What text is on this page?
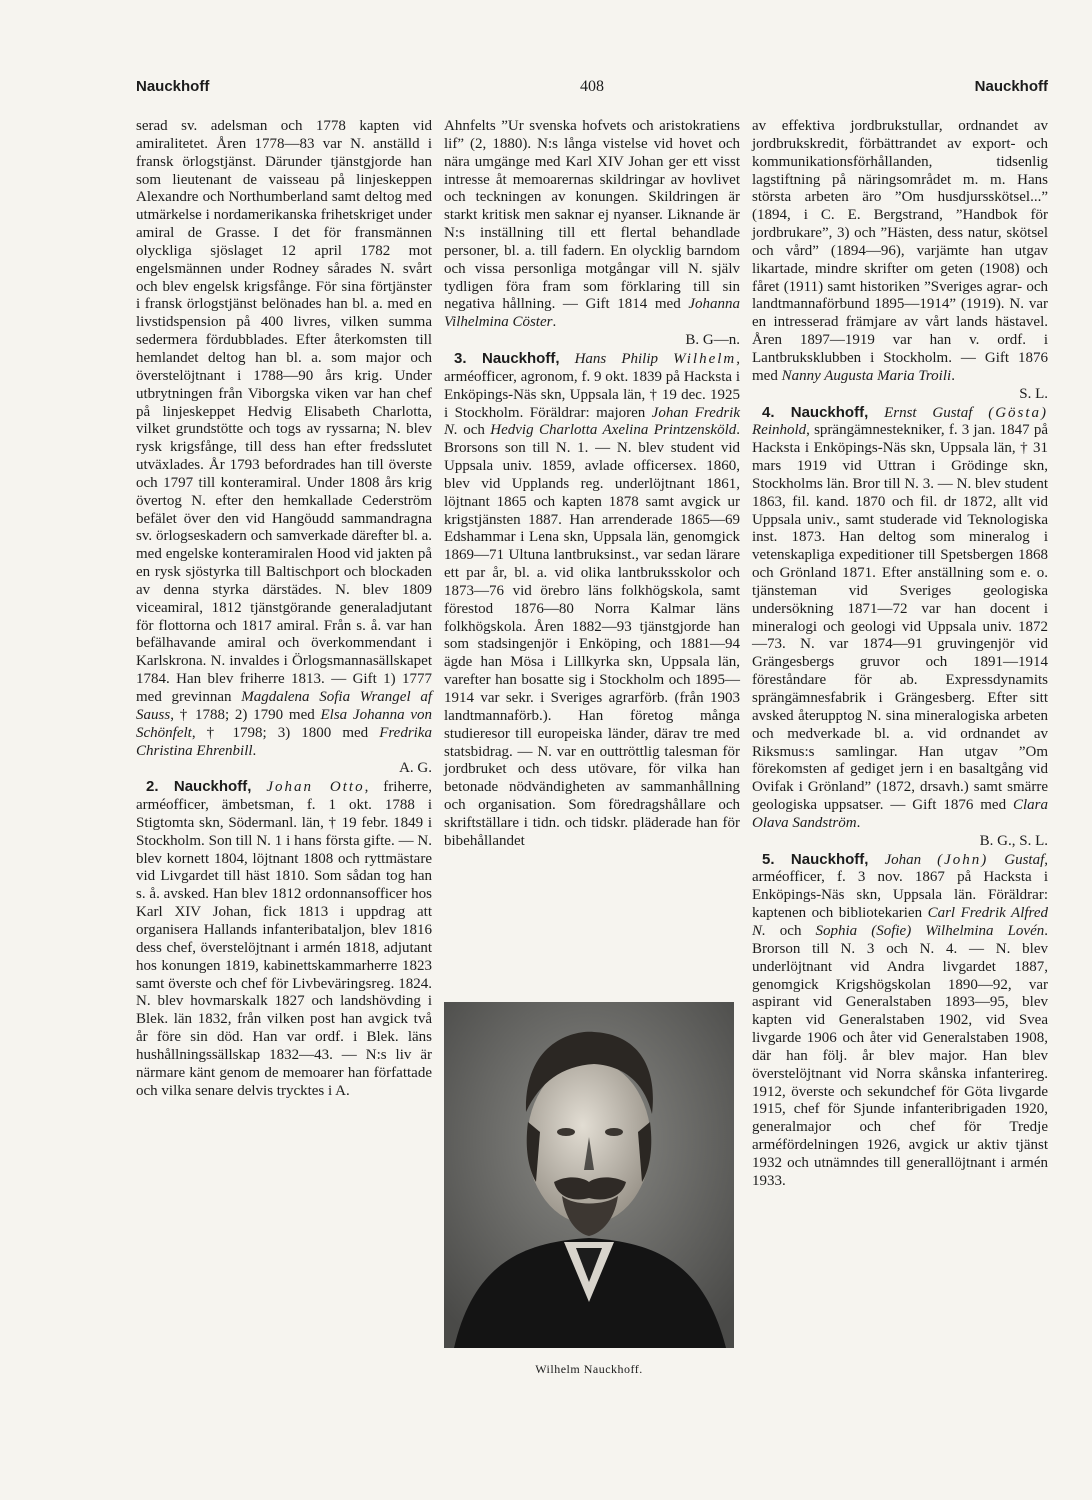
Nauckhoff	408	Nauckhoff

serad sv. adelsman och 1778 kapten vid amiralitetet. Åren 1778—83 var N. anställd i fransk örlogstjänst. Därunder tjänstgjorde han som lieutenant de vaisseau på linjeskeppen Alexandre och Northumberland samt deltog med utmärkelse i nordamerikanska frihetskriget under amiral de Grasse. I det för fransmännen olyckliga sjöslaget 12 april 1782 mot engelsmännen under Rodney sårades N. svårt och blev engelsk krigsfånge. För sina förtjänster i fransk örlogstjänst belönades han bl. a. med en livstidspension på 400 livres, vilken summa sedermera fördubblades. Efter återkomsten till hemlandet deltog han bl. a. som major och överstelöjtnant i 1788—90 års krig. Under utbrytningen från Viborgska viken var han chef på linjeskeppet Hedvig Elisabeth Charlotta, vilket grundstötte och togs av ryssarna; N. blev rysk krigsfånge, till dess han efter fredsslutet utväxlades. År 1793 befordrades han till överste och 1797 till konteramiral. Under 1808 års krig övertog N. efter den hemkallade Cederström befälet över den vid Hangöudd sammandragna sv. örlogseskadern och samverkade därefter bl. a. med engelske konteramiralen Hood vid jakten på en rysk sjöstyrka till Baltischport och blockaden av denna styrka därstädes. N. blev 1809 viceamiral, 1812 tjänstgörande generaladjutant för flottorna och 1817 amiral. Från s. å. var han befälhavande amiral och överkommendant i Karlskrona. N. invaldes i Örlogsmannasällskapet 1784. Han blev friherre 1813. — Gift 1) 1777 med grevinnan Magdalena Sofia Wrangel af Sauss, † 1788; 2) 1790 med Elsa Johanna von Schönfelt, † 1798; 3) 1800 med Fredrika Christina Ehrenbill.

A. G.

2. Nauckhoff, Johan Otto, friherre, arméofficer, ämbetsman, f. 1 okt. 1788 i Stigtomta skn, Södermanl. län, † 19 febr. 1849 i Stockholm. Son till N. 1 i hans första gifte. — N. blev kornett 1804, löjtnant 1808 och ryttmästare vid Livgardet till häst 1810. Som sådan tog han s. å. avsked. Han blev 1812 ordonnansofficer hos Karl XIV Johan, fick 1813 i uppdrag att organisera Hallands infanteribataljon, blev 1816 dess chef, överstelöjtnant i armén 1818, adjutant hos konungen 1819, kabinettskammarherre 1823 samt överste och chef för Livbeväringsreg. 1824. N. blev hovmarskalk 1827 och landshövding i Blek. län 1832, från vilken post han avgick två år före sin död. Han var ordf. i Blek. läns hushållningssällskap 1832—43. — N:s liv är närmare känt genom de memoarer han författade och vilka senare delvis trycktes i A.

Ahnfelts ”Ur svenska hofvets och aristokratiens lif” (2, 1880). N:s långa vistelse vid hovet och nära umgänge med Karl XIV Johan ger ett visst intresse åt memoarernas skildringar av hovlivet och teckningen av konungen. Skildringen är starkt kritisk men saknar ej nyanser. Liknande är N:s inställning till ett flertal behandlade personer, bl. a. till fadern. En olycklig barndom och vissa personliga motgångar vill N. själv tydligen föra fram som förklaring till sin negativa hållning. — Gift 1814 med Johanna Vilhelmina Cöster.

B. G—n.

3. Nauckhoff, Hans Philip Wilhelm, arméofficer, agronom, f. 9 okt. 1839 på Hacksta i Enköpings-Näs skn, Uppsala län, † 19 dec. 1925 i Stockholm. Föräldrar: majoren Johan Fredrik N. och Hedvig Charlotta Axelina Printzensköld. Brorsons son till N. 1. — N. blev student vid Uppsala univ. 1859, avlade officersex. 1860, blev vid Upplands reg. underlöjtnant 1861, löjtnant 1865 och kapten 1878 samt avgick ur krigstjänsten 1887. Han arrenderade 1865—69 Edshammar i Lena skn, Uppsala län, genomgick 1869—71 Ultuna lantbruksinst., var sedan lärare ett par år, bl. a. vid olika lantbruksskolor och 1873—76 vid örebro läns folkhögskola, samt förestod 1876—80 Norra Kalmar läns folkhögskola. Åren 1882—93 tjänstgjorde han som stadsingenjör i Enköping, och 1881—94 ägde han Mösa i Lillkyrka skn, Uppsala län, varefter han bosatte sig i Stockholm och 1895—1914 var sekr. i Sveriges agrarförb. (från 1903 landtmannaförb.). Han företog många studieresor till europeiska länder, därav tre med statsbidrag. — N. var en outtröttlig talesman för jordbruket och dess utövare, för vilka han betonade nödvändigheten av sammanhållning och organisation. Som föredragshållare och skriftställare i tidn. och tidskr. pläderade han för bibehållandet

av effektiva jordbrukstullar, ordnandet av jordbrukskredit, förbättrandet av export- och kommunikationsförhållanden, tidsenlig lagstiftning på näringsområdet m. m. Hans största arbeten äro ”Om husdjursskötsel...” (1894, i C. E. Bergstrand, ”Handbok för jordbrukare”, 3) och ”Hästen, dess natur, skötsel och vård” (1894—96), varjämte han utgav likartade, mindre skrifter om geten (1908) och fåret (1911) samt historiken ”Sveriges agrar- och landtmannaförbund 1895—1914” (1919). N. var en intresserad främjare av vårt lands hästavel. Åren 1897—1919 var han v. ordf. i Lantbruksklubben i Stockholm. — Gift 1876 med Nanny Augusta Maria Troili.

S. L.

4. Nauckhoff, Ernst Gustaf (Gösta) Reinhold, sprängämnestekniker, f. 3 jan. 1847 på Hacksta i Enköpings-Näs skn, Uppsala län, † 31 mars 1919 vid Uttran i Grödinge skn, Stockholms län. Bror till N. 3. — N. blev student 1863, fil. kand. 1870 och fil. dr 1872, allt vid Uppsala univ., samt studerade vid Teknologiska inst. 1873. Han deltog som mineralog i vetenskapliga expeditioner till Spetsbergen 1868 och Grönland 1871. Efter anställning som e. o. tjänsteman vid Sveriges geologiska undersökning 1871—72 var han docent i mineralogi och geologi vid Uppsala univ. 1872—73. N. var 1874—91 gruvingenjör vid Grängesbergs gruvor och 1891—1914 föreståndare för ab. Expressdynamits sprängämnesfabrik i Grängesberg. Efter sitt avsked återupptog N. sina mineralogiska arbeten och medverkade bl. a. vid ordnandet av Riksmus:s samlingar. Han utgav ”Om förekomsten af gediget jern i en basaltgång vid Ovifak i Grönland” (1872, drsavh.) samt smärre geologiska uppsatser. — Gift 1876 med Clara Olava Sandström.

B. G., S. L.

5. Nauckhoff, Johan (John) Gustaf, arméofficer, f. 3 nov. 1867 på Hacksta i Enköpings-Näs skn, Uppsala län. Föräldrar: kaptenen och bibliotekarien Carl Fredrik Alfred N. och Sophia (Sofie) Wilhelmina Lovén. Brorson till N. 3 och N. 4. — N. blev underlöjtnant vid Andra livgardet 1887, genomgick Krigshögskolan 1890—92, var aspirant vid Generalstaben 1893—95, blev kapten vid Generalstaben 1902, vid Svea livgarde 1906 och åter vid Generalstaben 1908, där han följ. år blev major. Han blev överstelöjtnant vid Norra skånska infanterireg. 1912, överste och sekundchef för Göta livgarde 1915, chef för Sjunde infanteribrigaden 1920, generalmajor och chef för Tredje arméfördelningen 1926, avgick ur aktiv tjänst 1932 och utnämndes till generallöjtnant i armén 1933.

Wilhelm Nauckhoff.
